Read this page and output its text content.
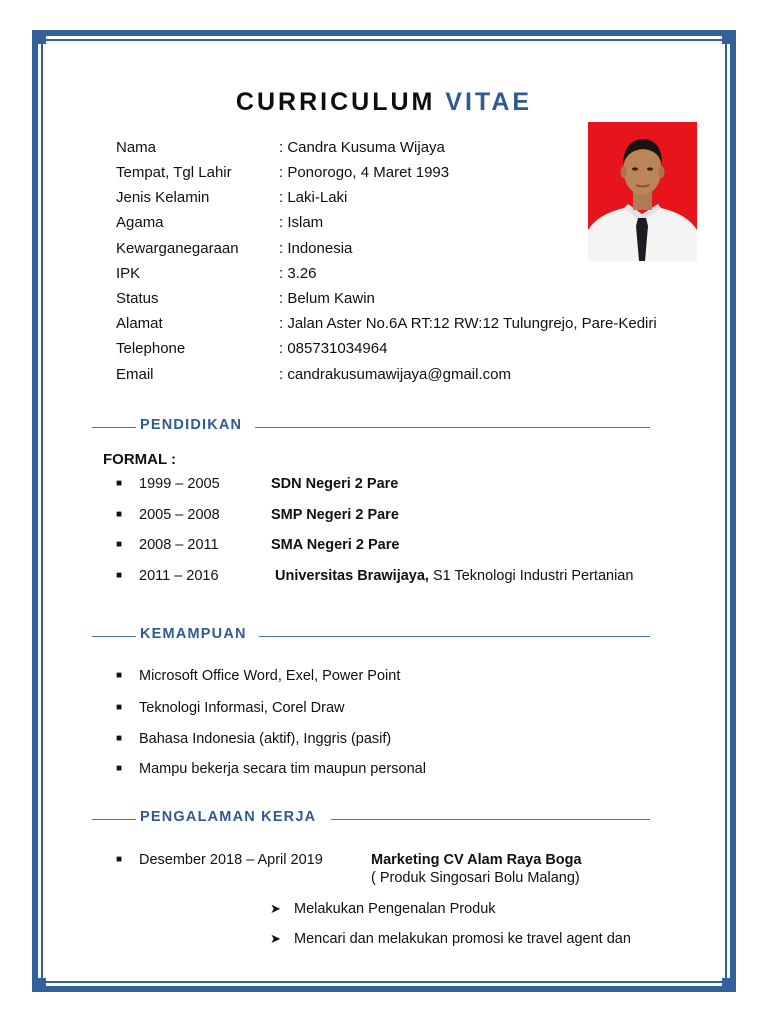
CURRICULUM VITAE
Nama	: Candra Kusuma Wijaya
Tempat, Tgl Lahir	: Ponorogo, 4 Maret 1993
Jenis Kelamin	: Laki-Laki
Agama	: Islam
Kewarganegaraan	: Indonesia
IPK	: 3.26
Status	: Belum Kawin
Alamat	: Jalan Aster No.6A RT:12 RW:12 Tulungrejo, Pare-Kediri
Telephone	: 085731034964
Email	: candrakusumawijaya@gmail.com
PENDIDIKAN
FORMAL :
■ 1999 – 2005	SDN Negeri 2 Pare
■ 2005 – 2008	SMP Negeri 2 Pare
■ 2008 – 2011	SMA Negeri 2 Pare
■ 2011 – 2016	Universitas Brawijaya, S1 Teknologi Industri Pertanian
KEMAMPUAN
■ Microsoft Office Word, Exel, Power Point
■ Teknologi Informasi, Corel Draw
■ Bahasa Indonesia (aktif), Inggris (pasif)
■ Mampu bekerja secara tim maupun personal
PENGALAMAN KERJA
■ Desember 2018 – April 2019	Marketing CV Alam Raya Boga
( Produk Singosari Bolu Malang)
➤ Melakukan Pengenalan Produk
➤ Mencari dan melakukan promosi ke travel agent dan
